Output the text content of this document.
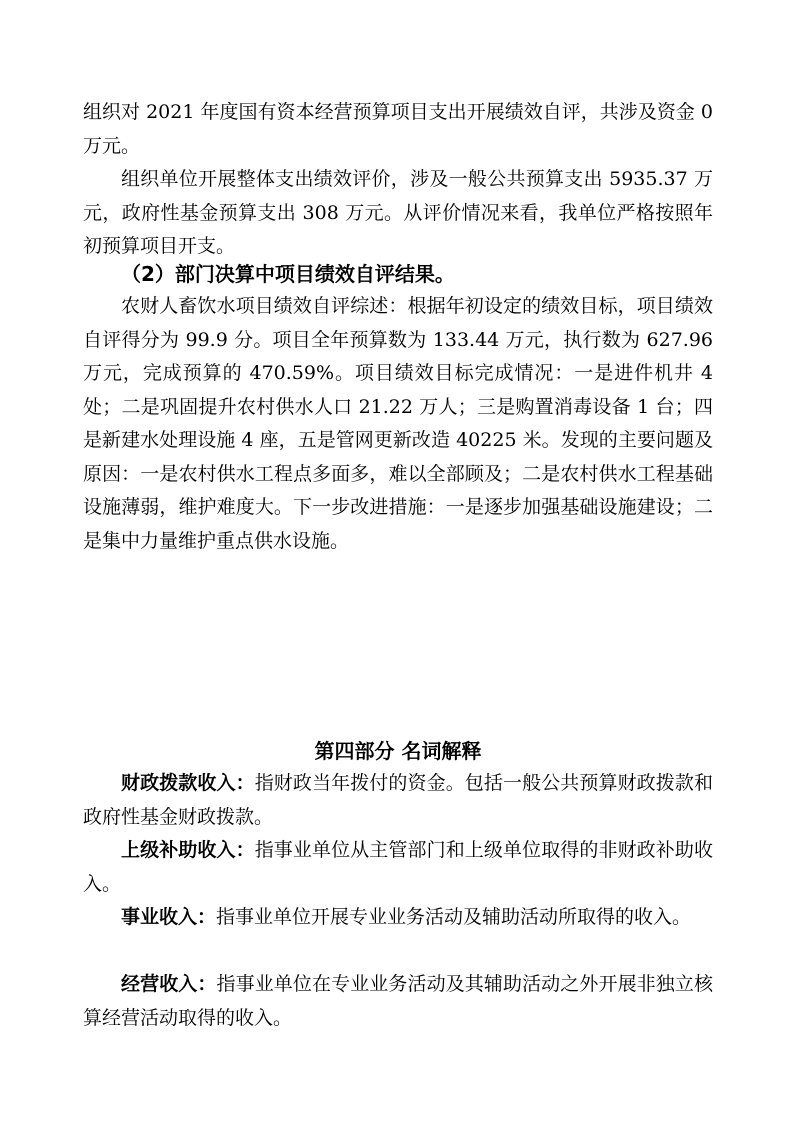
组织对 2021 年度国有资本经营预算项目支出开展绩效自评，共涉及资金 0 万元。

组织单位开展整体支出绩效评价，涉及一般公共预算支出 5935.37 万元，政府性基金预算支出 308 万元。从评价情况来看，我单位严格按照年初预算项目开支。

（2）部门决算中项目绩效自评结果。

农财人畜饮水项目绩效自评综述：根据年初设定的绩效目标，项目绩效自评得分为 99.9 分。项目全年预算数为 133.44 万元，执行数为 627.96 万元，完成预算的 470.59%。项目绩效目标完成情况：一是进件机井 4 处；二是巩固提升农村供水人口 21.22 万人；三是购置消毒设备 1 台；四是新建水处理设施 4 座，五是管网更新改造 40225 米。发现的主要问题及原因：一是农村供水工程点多面多，难以全部顾及；二是农村供水工程基础设施薄弱，维护难度大。下一步改进措施：一是逐步加强基础设施建设；二是集中力量维护重点供水设施。

第四部分 名词解释

财政拨款收入：指财政当年拨付的资金。包括一般公共预算财政拨款和政府性基金财政拨款。

上级补助收入：指事业单位从主管部门和上级单位取得的非财政补助收入。

事业收入：指事业单位开展专业业务活动及辅助活动所取得的收入。

经营收入：指事业单位在专业业务活动及其辅助活动之外开展非独立核算经营活动取得的收入。
